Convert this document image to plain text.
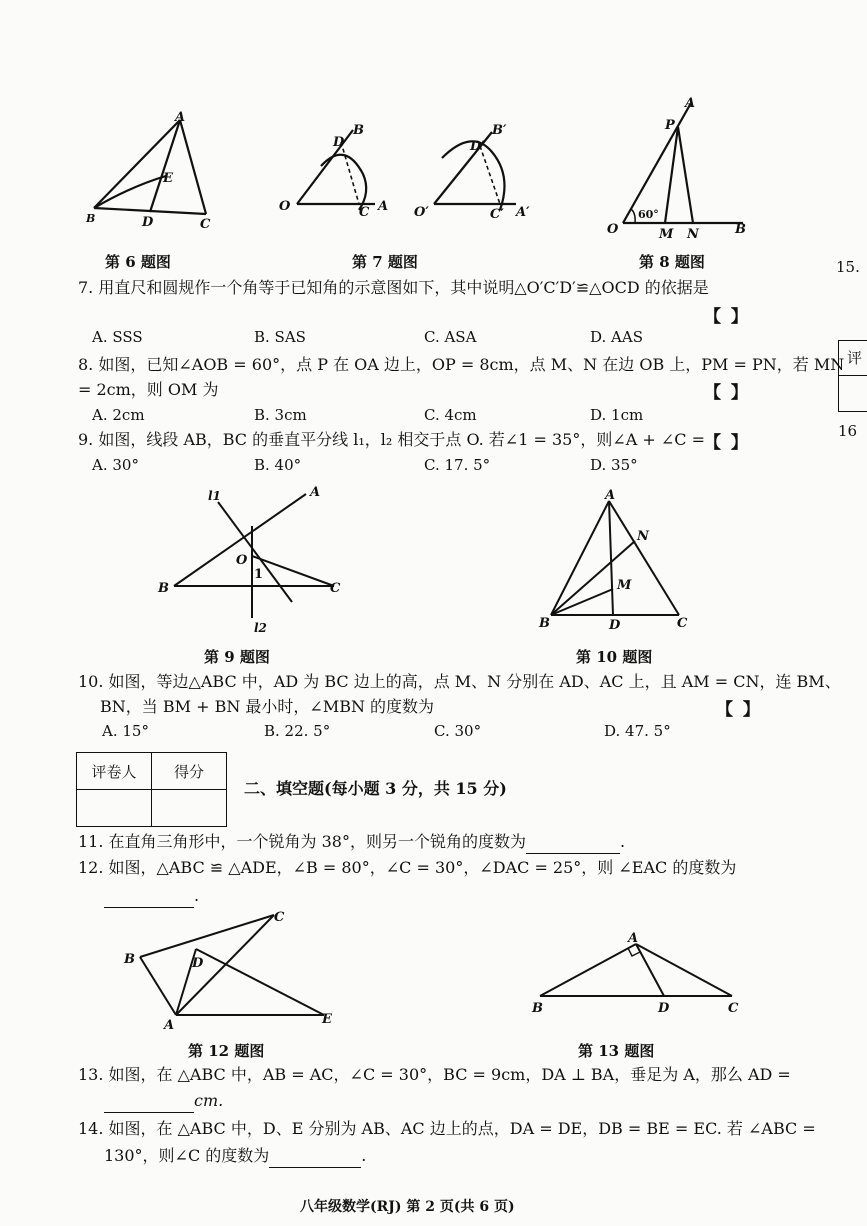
A
E
B	D	C
第 6 题图
D
B
O	C A
D′
B′
O′	C′ A′
第 7 题图
A
P
60°
O	M N	B
第 8 题图
7. 用直尺和圆规作一个角等于已知角的示意图如下，其中说明△O′C′D′≌△OCD 的依据是
【 】
A. SSS	B. SAS	C. ASA	D. AAS
8. 如图，已知∠AOB = 60°，点 P 在 OA 边上，OP = 8cm，点 M、N 在边 OB 上，PM = PN，若 MN
= 2cm，则 OM 为	【 】
A. 2cm	B. 3cm	C. 4cm	D. 1cm
9. 如图，线段 AB，BC 的垂直平分线 l₁，l₂ 相交于点 O. 若∠1 = 35°，则∠A + ∠C =
【 】
A. 30°	B. 40°	C. 17. 5°	D. 35°
l1	A
O
1
B	C
l2
第 9 题图
A
N
M
B	D	C
第 10 题图
10. 如图，等边△ABC 中，AD 为 BC 边上的高，点 M、N 分别在 AD、AC 上，且 AM = CN，连 BM、
BN，当 BM + BN 最小时，∠MBN 的度数为	【 】
A. 15°	B. 22. 5°	C. 30°	D. 47. 5°
评卷人	得分

二、填空题(每小题 3 分，共 15 分)
11. 在直角三角形中，一个锐角为 38°，则另一个锐角的度数为	.
12. 如图，△ABC ≌ △ADE，∠B = 80°，∠C = 30°，∠DAC = 25°，则 ∠EAC 的度数为
.
C
B	D
A	E
第 12 题图
A
B	D	C
第 13 题图
13. 如图，在 △ABC 中，AB = AC，∠C = 30°，BC = 9cm，DA ⊥ BA，垂足为 A，那么 AD =
cm.
14. 如图，在 △ABC 中，D、E 分别为 AB、AC 边上的点，DA = DE，DB = BE = EC. 若 ∠ABC =
130°，则∠C 的度数为	.
八年级数学(RJ) 第 2 页(共 6 页)
15.
评
16
